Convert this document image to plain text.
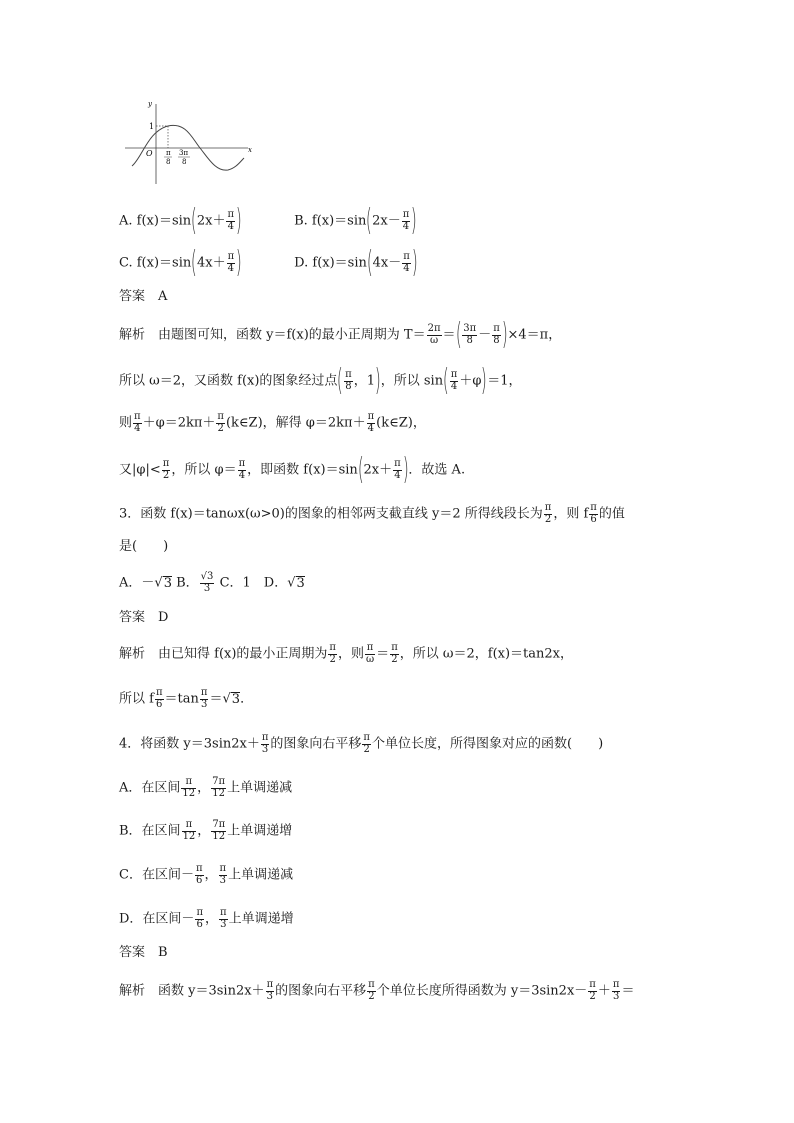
y
x
1
O π
8
3π
8
A. $f(x)=\sin(2x+ \frac{\pi}{4}$ )	B. $f(x)=\sin(2x- \frac{\pi}{4}$ )
C. $f(x)=\sin(4x+ \frac{\pi}{4}$ )	D. $f(x)=\sin(4x- \frac{\pi}{4}$ )
答案　A
解析　由题图可知，函数 y＝f(x)的最小正周期为 $T= \frac{2\pi}{\omega}$ ＝( $\frac{3\pi}{8} - \frac{\pi}{8} )\times 4=\pi$，
所以 ω＝2，又函数 f(x)的图象经过点( $\frac{\pi}{8}$ ，1)，所以 $\sin( \frac{\pi}{4} +\varphi)=1$，
则 $\frac{\pi}{4} +\varphi=2k\pi+ \frac{\pi}{2}$ (k∈Z)，解得 $\varphi=2k\pi+ \frac{\pi}{4}$ (k∈Z)，
又$|\varphi|< \frac{\pi}{2}$ ，所以 $\varphi= \frac{\pi}{4}$ ，即函数 $f(x)=\sin(2x+ \frac{\pi}{4}$ )．故选 A.
3．函数 f(x)＝tanωx(ω>0)的图象的相邻两支截直线 y＝2 所得线段长为 $\frac{\pi}{2}$ ，则 f $\frac{\pi}{6}$ 的值
是(　　)
A．－√3 B． $\frac{√3}{3}$ C．1　D．√3
答案　D
解析　由已知得 f(x)的最小正周期为 $\frac{\pi}{2}$ ，则 $\frac{\pi}{\omega} = \frac{\pi}{2}$ ，所以 ω＝2，f(x)＝tan2x，
所以 f $\frac{\pi}{6} =\tan \frac{\pi}{3} =√3$．
4．将函数 $y=3\sin 2x+ \frac{\pi}{3}$ 的图象向右平移 $\frac{\pi}{2}$ 个单位长度，所得图象对应的函数(　　)
A．在区间 $\frac{\pi}{12}$ ， $\frac{7\pi}{12}$ 上单调递减
B．在区间 $\frac{\pi}{12}$ ， $\frac{7\pi}{12}$ 上单调递增
C．在区间－ $\frac{\pi}{6}$ ， $\frac{\pi}{3}$ 上单调递减
D．在区间－ $\frac{\pi}{6}$ ， $\frac{\pi}{3}$ 上单调递增
答案　B
解析　函数 $y=3\sin 2x+ \frac{\pi}{3}$ 的图象向右平移 $\frac{\pi}{2}$ 个单位长度所得函数为 $y=3\sin 2x- \frac{\pi}{2} + \frac{\pi}{3}$ ＝
